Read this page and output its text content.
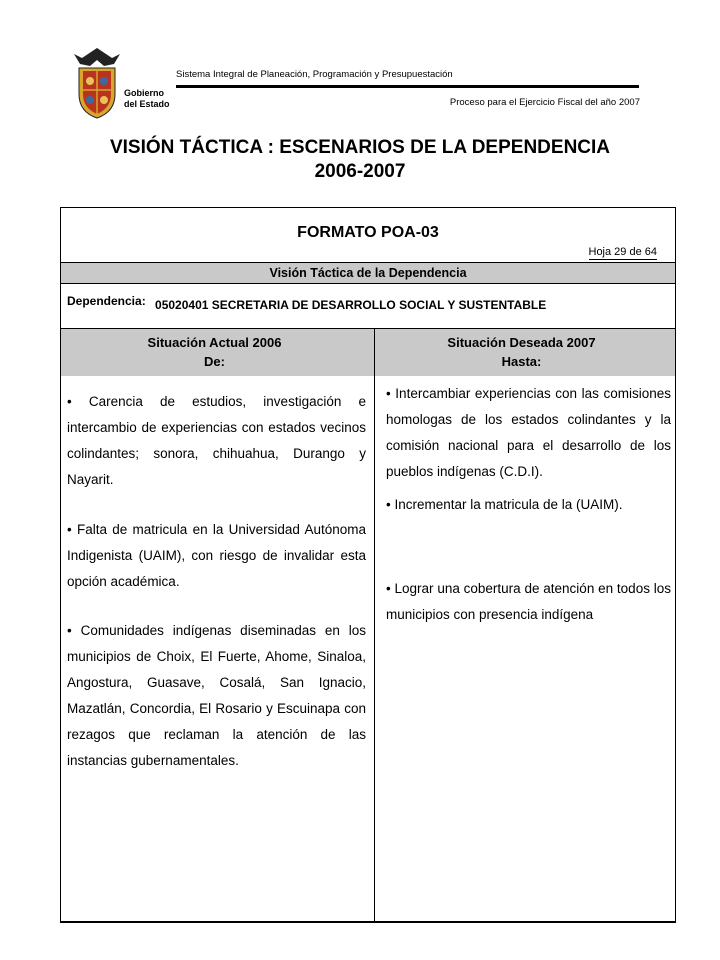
Gobierno
del Estado
Sistema Integral de Planeación, Programación y Presupuestación
Proceso para el Ejercicio Fiscal del año 2007
VISIÓN TÁCTICA : ESCENARIOS DE LA DEPENDENCIA
2006-2007
FORMATO POA-03
Hoja 29 de 64
Visión Táctica de la Dependencia
Dependencia: 05020401 SECRETARIA DE DESARROLLO SOCIAL Y SUSTENTABLE
Situación Actual 2006
De:
Situación Deseada 2007
Hasta:

• Carencia de estudios, investigación e intercambio de experiencias con estados vecinos colindantes; sonora, chihuahua, Durango y Nayarit.

• Falta de matricula en la Universidad Autónoma Indigenista (UAIM), con riesgo de invalidar esta opción académica.

• Comunidades indígenas diseminadas en los municipios de Choix, El Fuerte, Ahome, Sinaloa, Angostura, Guasave, Cosalá, San Ignacio, Mazatlán, Concordia, El Rosario y Escuinapa con rezagos que reclaman la atención de las instancias gubernamentales.

• Intercambiar experiencias con las comisiones homologas de los estados colindantes y la comisión nacional para el desarrollo de los pueblos indígenas (C.D.I).

• Incrementar la matricula de la (UAIM).

• Lograr una cobertura de atención en todos los municipios con presencia indígena
